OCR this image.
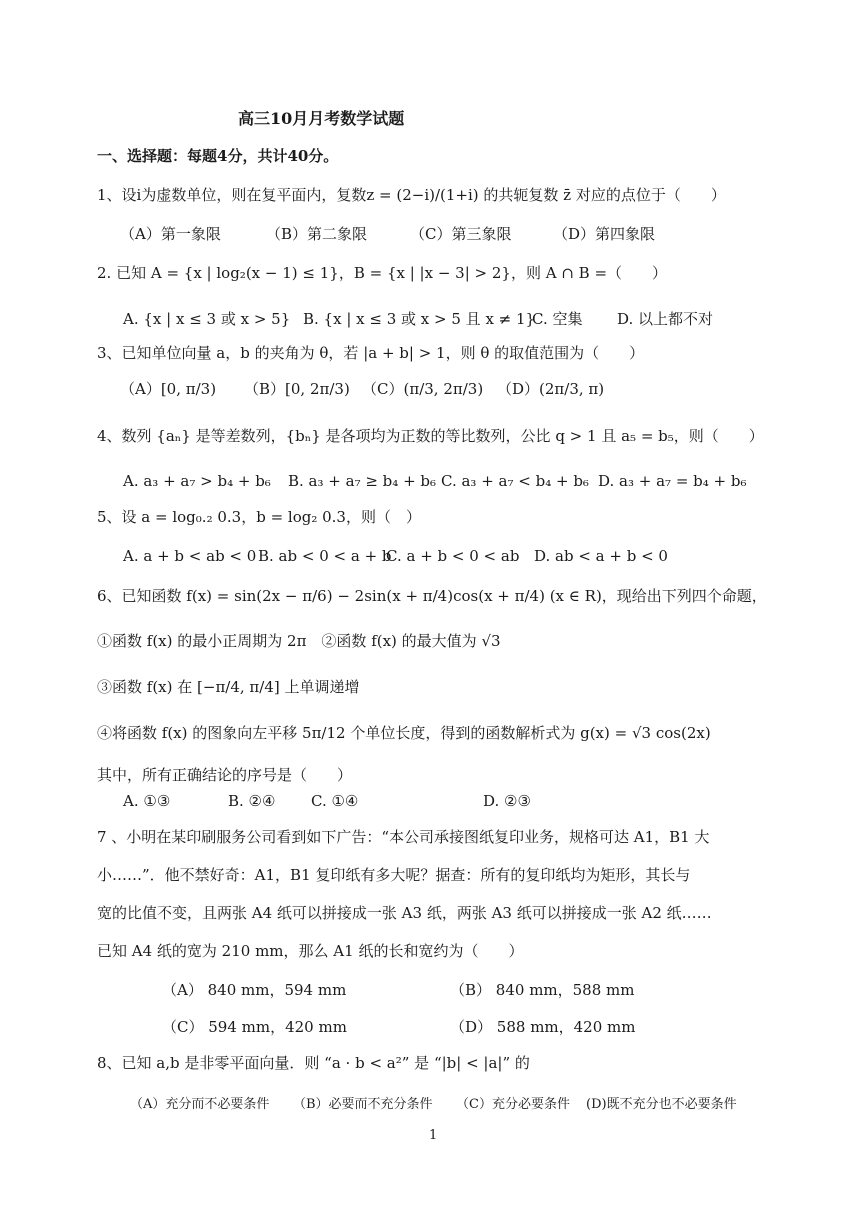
高三10月月考数学试题
一、选择题：每题4分，共计40分。
1、设i为虚数单位，则在复平面内，复数z = (2−i)/(1+i) 的共轭复数 z̄ 对应的点位于（　　）
（A）第一象限	（B）第二象限	（C）第三象限	（D）第四象限
2. 已知 A = {x | log₂(x − 1) ≤ 1}，B = {x | |x − 3| > 2}，则 A ∩ B =（　　）
A. {x | x ≤ 3 或 x > 5} B. {x | x ≤ 3 或 x > 5 且 x ≠ 1}
C. 空集 D. 以上都不对
3、已知单位向量 a，b 的夹角为 θ，若 |a + b| > 1，则 θ 的取值范围为（　　）
（A）[0, π/3) （B）[0, 2π/3) （C）(π/3, 2π/3) （D）(2π/3, π)
4、数列 {aₙ} 是等差数列，{bₙ} 是各项均为正数的等比数列，公比 q > 1 且 a₅ = b₅，则（　　）
A. a₃ + a₇ > b₄ + b₆ B. a₃ + a₇ ≥ b₄ + b₆ C. a₃ + a₇ < b₄ + b₆ D. a₃ + a₇ = b₄ + b₆
5、设 a = log₀.₂ 0.3，b = log₂ 0.3，则（　）
A. a + b < ab < 0 B. ab < 0 < a + b
C. a + b < 0 < ab D. ab < a + b < 0
6、已知函数 f(x) = sin(2x − π/6) − 2sin(x + π/4)cos(x + π/4) (x ∈ R)，现给出下列四个命题，
①函数 f(x) 的最小正周期为 2π　②函数 f(x) 的最大值为 √3
③函数 f(x) 在 [−π/4, π/4] 上单调递增
④将函数 f(x) 的图象向左平移 5π/12 个单位长度，得到的函数解析式为 g(x) = √3 cos(2x)
其中，所有正确结论的序号是（　　）
A. ①③	B. ②④ C. ①④	D. ②③
7 、小明在某印刷服务公司看到如下广告：“本公司承接图纸复印业务，规格可达 A1，B1 大
小……”．他不禁好奇：A1，B1 复印纸有多大呢？据查：所有的复印纸均为矩形，其长与
宽的比值不变，且两张 A4 纸可以拼接成一张 A3 纸，两张 A3 纸可以拼接成一张 A2 纸……
已知 A4 纸的宽为 210 mm，那么 A1 纸的长和宽约为（　　）
（A） 840 mm，594 mm	（B） 840 mm，588 mm
（C） 594 mm，420 mm	（D） 588 mm，420 mm
8、已知 a,b 是非零平面向量．则 “a · b < a²” 是 “|b| < |a|” 的
（A）充分而不必要条件 （B）必要而不充分条件 （C）充分必要条件 (D)既不充分也不必要条件
1
